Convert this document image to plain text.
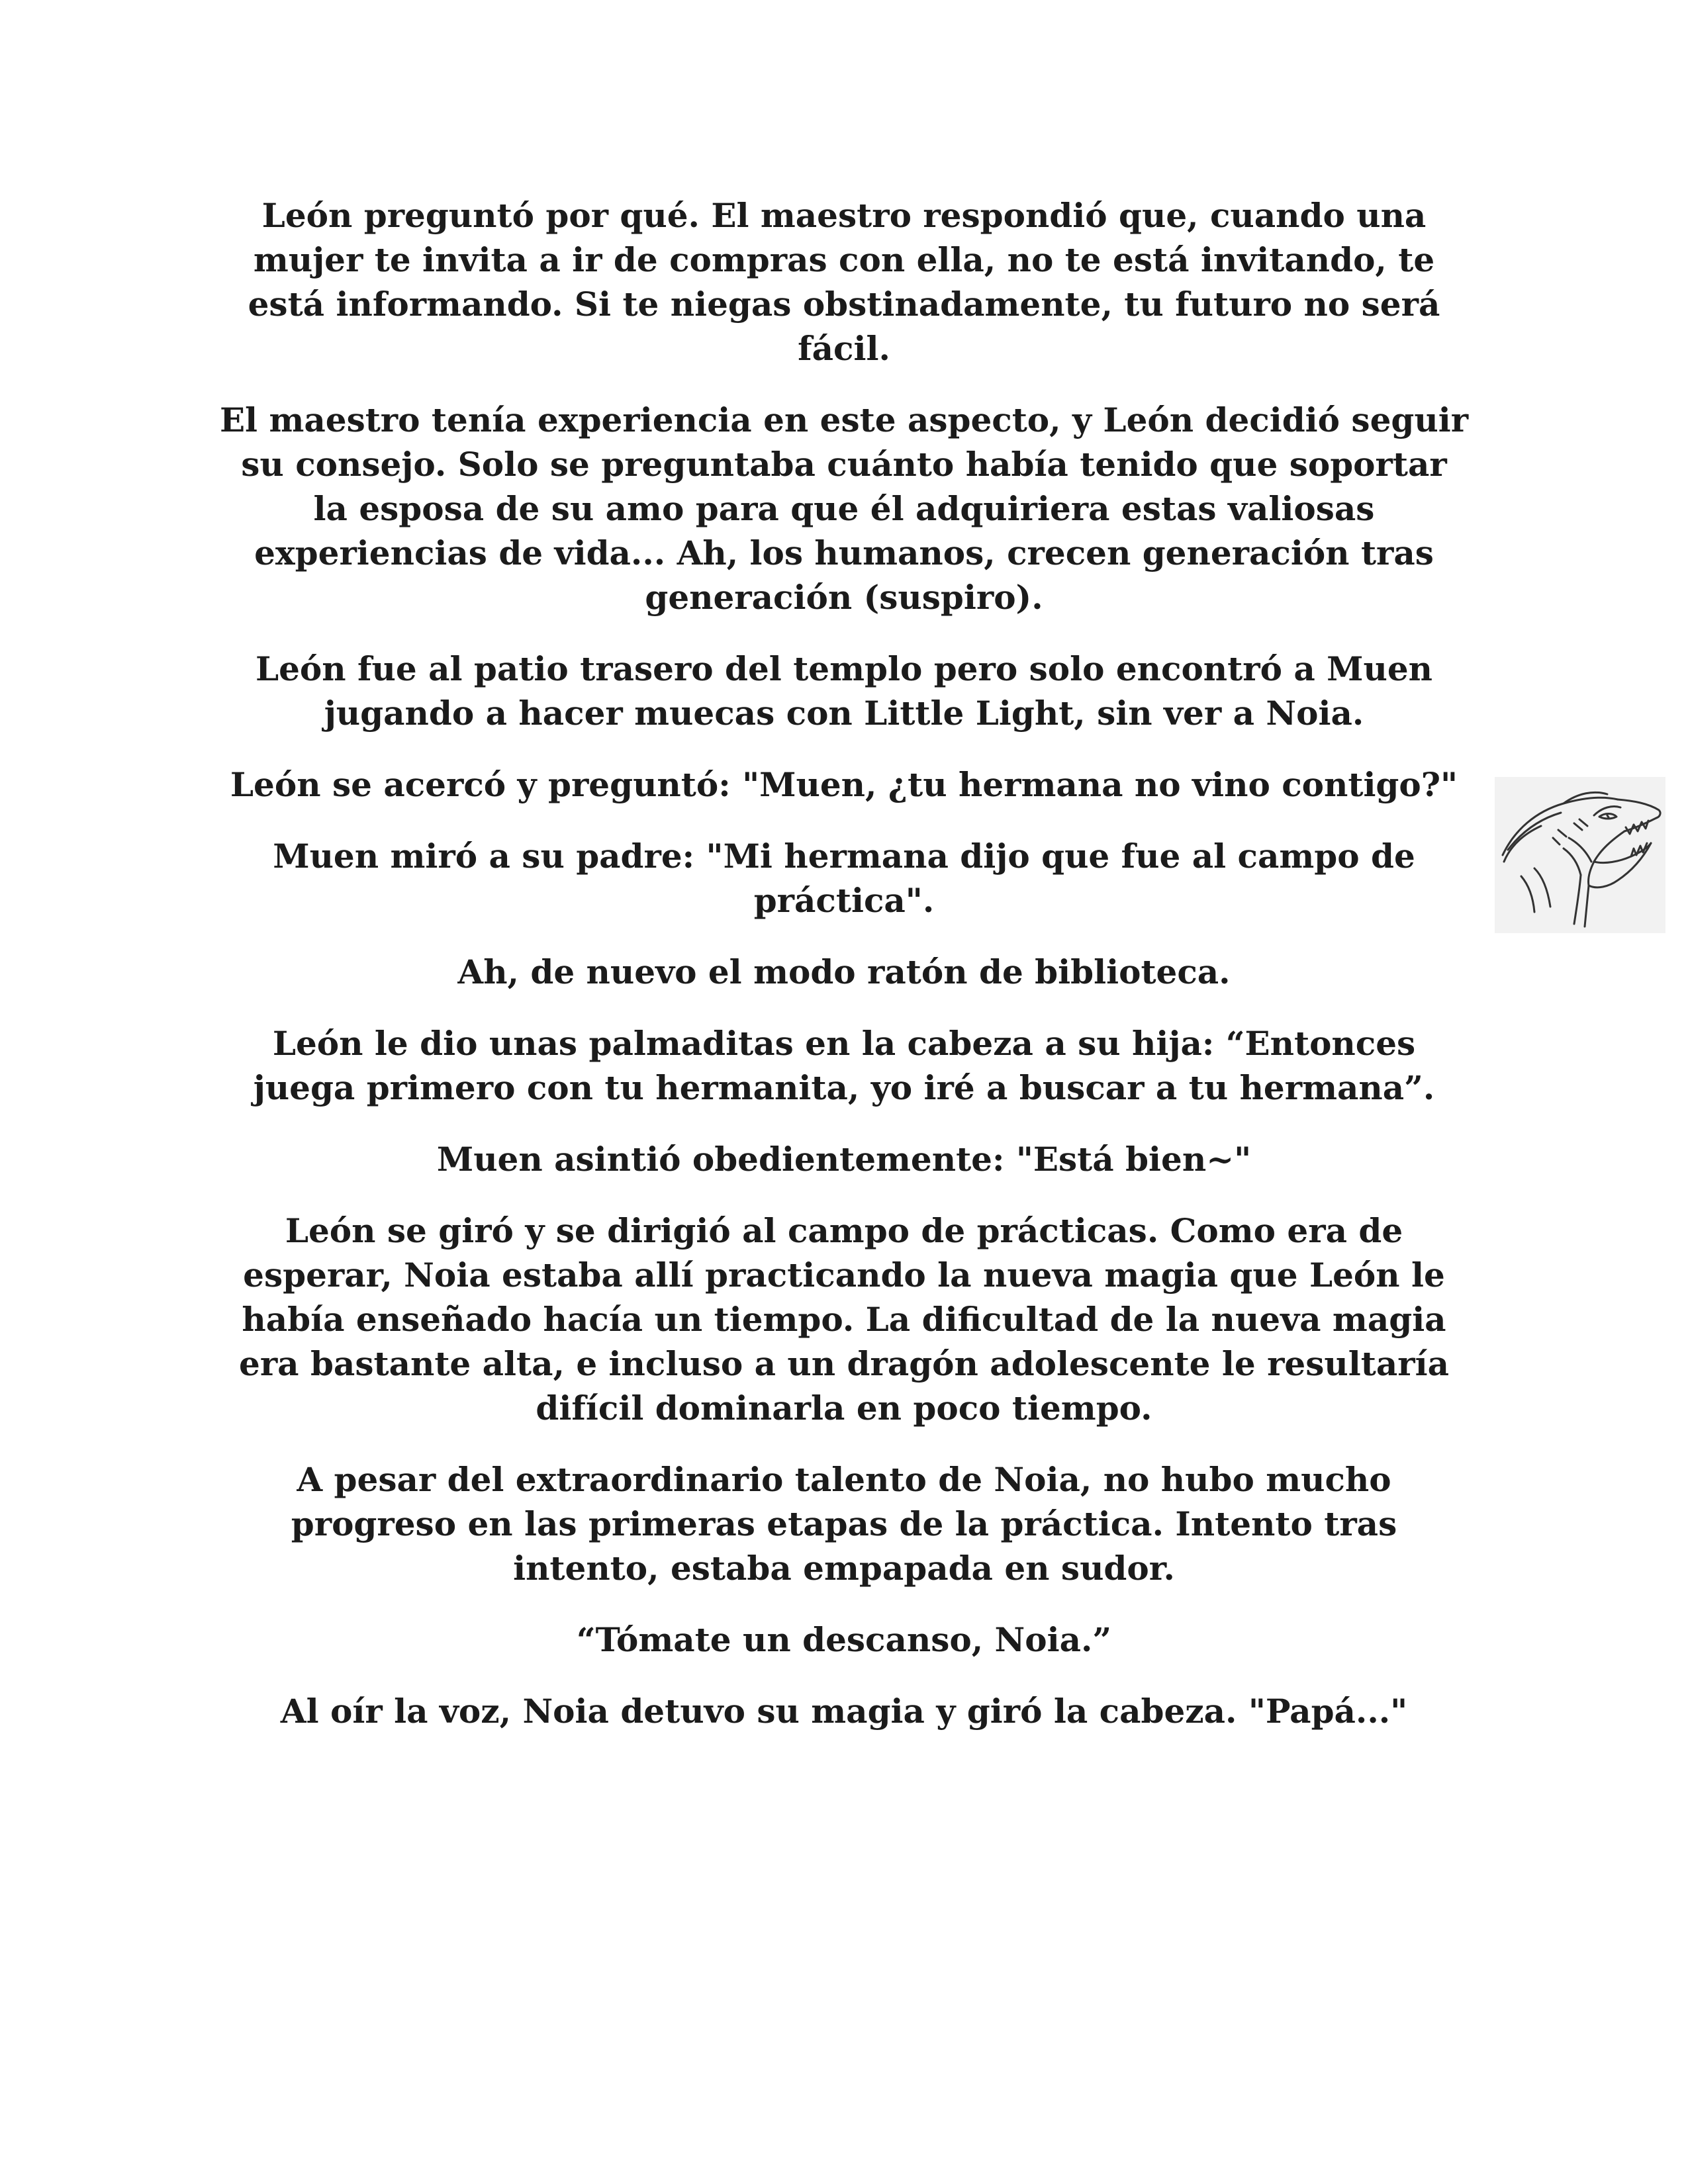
León preguntó por qué. El maestro respondió que, cuando una mujer te invita a ir de compras con ella, no te está invitando, te está informando. Si te niegas obstinadamente, tu futuro no será fácil.

El maestro tenía experiencia en este aspecto, y León decidió seguir su consejo. Solo se preguntaba cuánto había tenido que soportar la esposa de su amo para que él adquiriera estas valiosas experiencias de vida... Ah, los humanos, crecen generación tras generación (suspiro).

León fue al patio trasero del templo pero solo encontró a Muen jugando a hacer muecas con Little Light, sin ver a Noia.

León se acercó y preguntó: "Muen, ¿tu hermana no vino contigo?"

Muen miró a su padre: "Mi hermana dijo que fue al campo de práctica".

Ah, de nuevo el modo ratón de biblioteca.

León le dio unas palmaditas en la cabeza a su hija: “Entonces juega primero con tu hermanita, yo iré a buscar a tu hermana”.

Muen asintió obedientemente: "Está bien~"

León se giró y se dirigió al campo de prácticas. Como era de esperar, Noia estaba allí practicando la nueva magia que León le había enseñado hacía un tiempo. La dificultad de la nueva magia era bastante alta, e incluso a un dragón adolescente le resultaría difícil dominarla en poco tiempo.

A pesar del extraordinario talento de Noia, no hubo mucho progreso en las primeras etapas de la práctica. Intento tras intento, estaba empapada en sudor.

“Tómate un descanso, Noia.”

Al oír la voz, Noia detuvo su magia y giró la cabeza. "Papá..."
